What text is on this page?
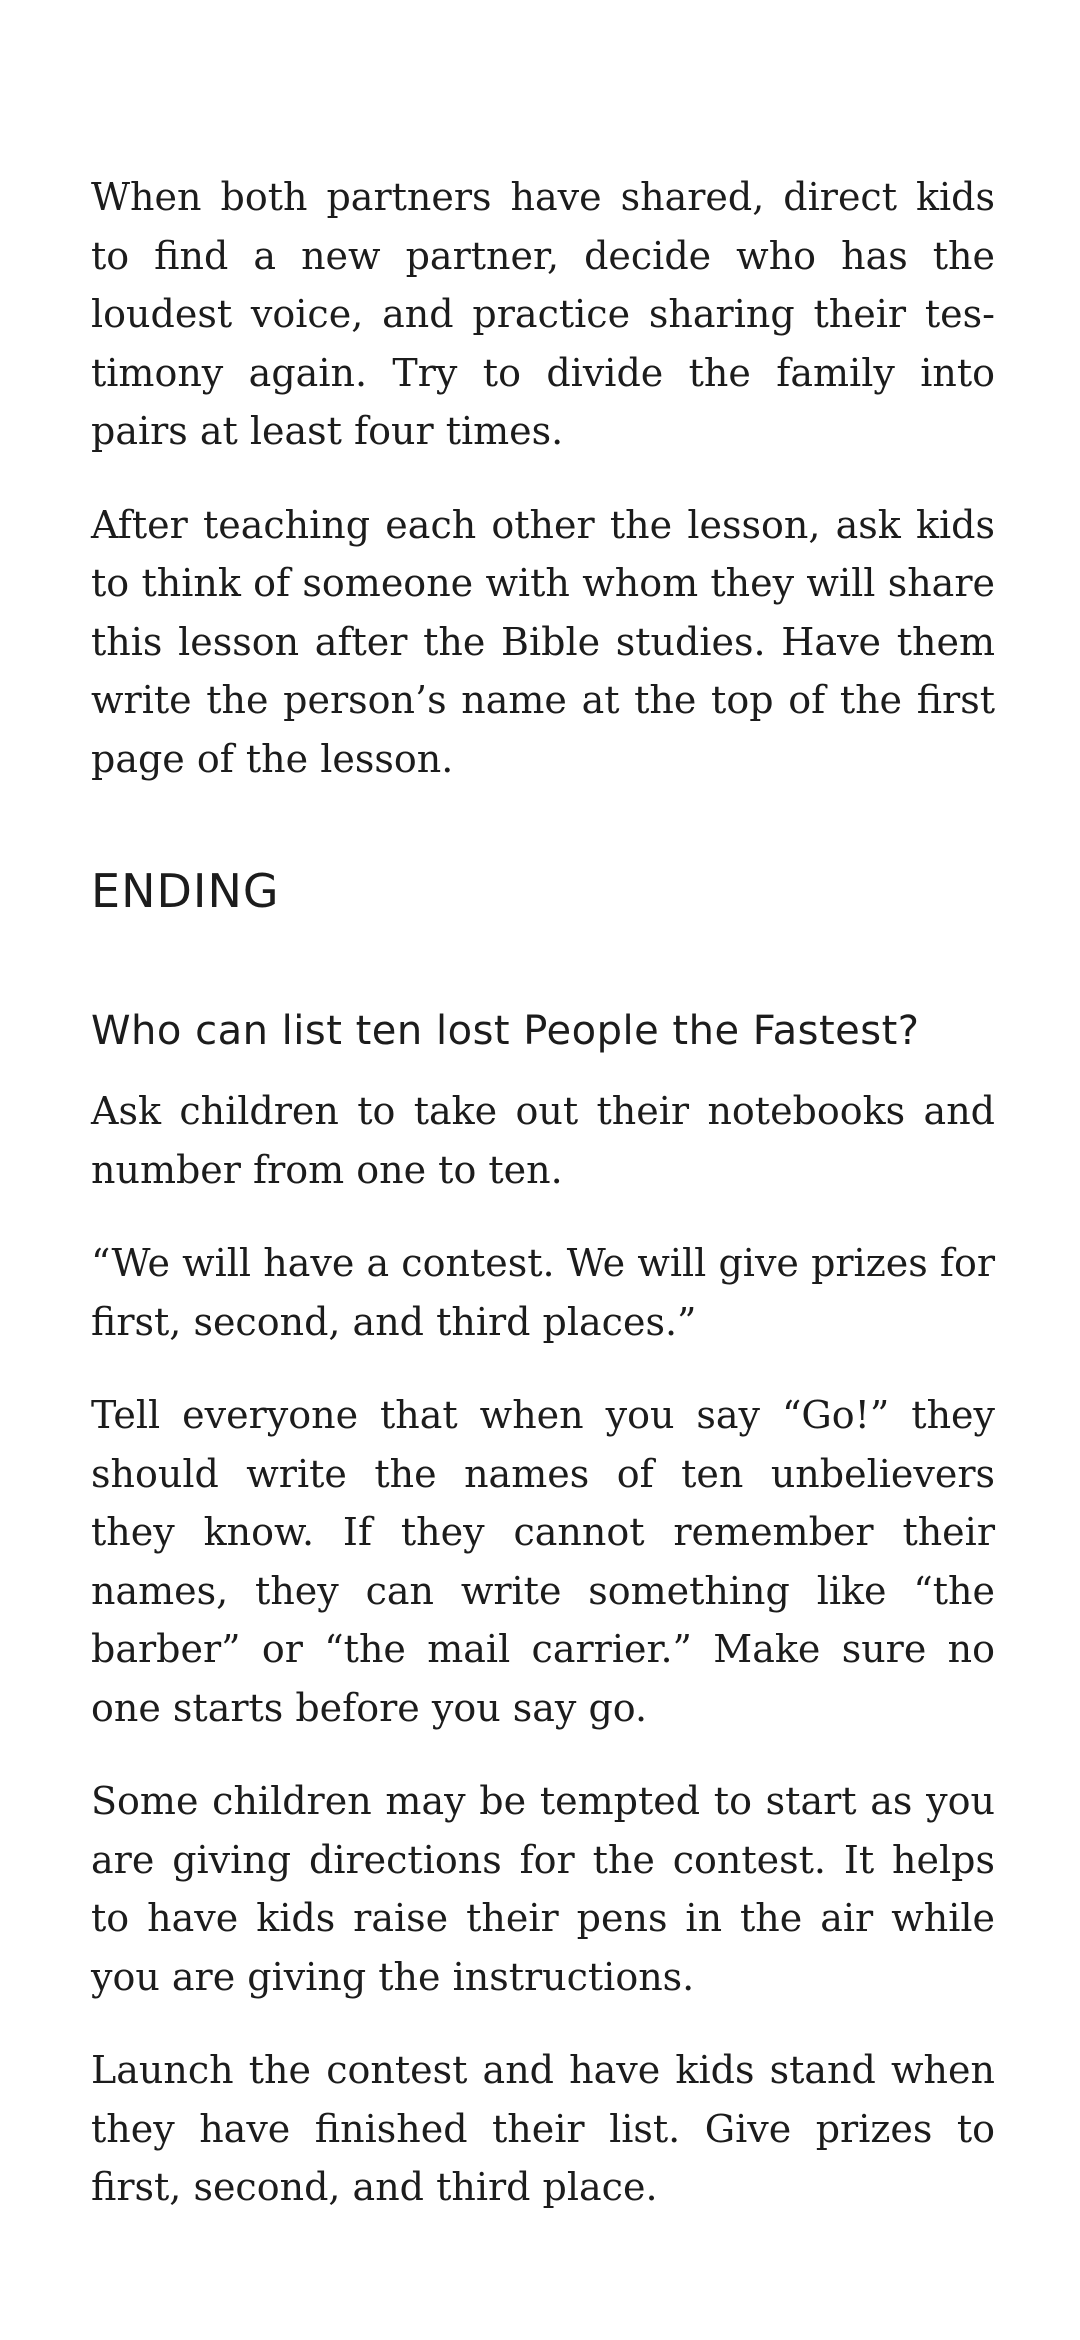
When both partners have shared, direct kids to find a new partner, decide who has the loudest voice, and practice sharing their testimony again. Try to divide the family into pairs at least four times.

After teaching each other the lesson, ask kids to think of someone with whom they will share this lesson after the Bible studies. Have them write the person’s name at the top of the first page of the lesson.

ENDING
Who can list ten lost People the Fastest?

Ask children to take out their notebooks and number from one to ten.

“We will have a contest. We will give prizes for first, second, and third places.”

Tell everyone that when you say “Go!” they should write the names of ten unbelievers they know. If they cannot remember their names, they can write something like “the barber” or “the mail carrier.” Make sure no one starts before you say go.

Some children may be tempted to start as you are giving directions for the contest. It helps to have kids raise their pens in the air while you are giving the instructions.

Launch the contest and have kids stand when they have finished their list. Give prizes to first, second, and third place.
